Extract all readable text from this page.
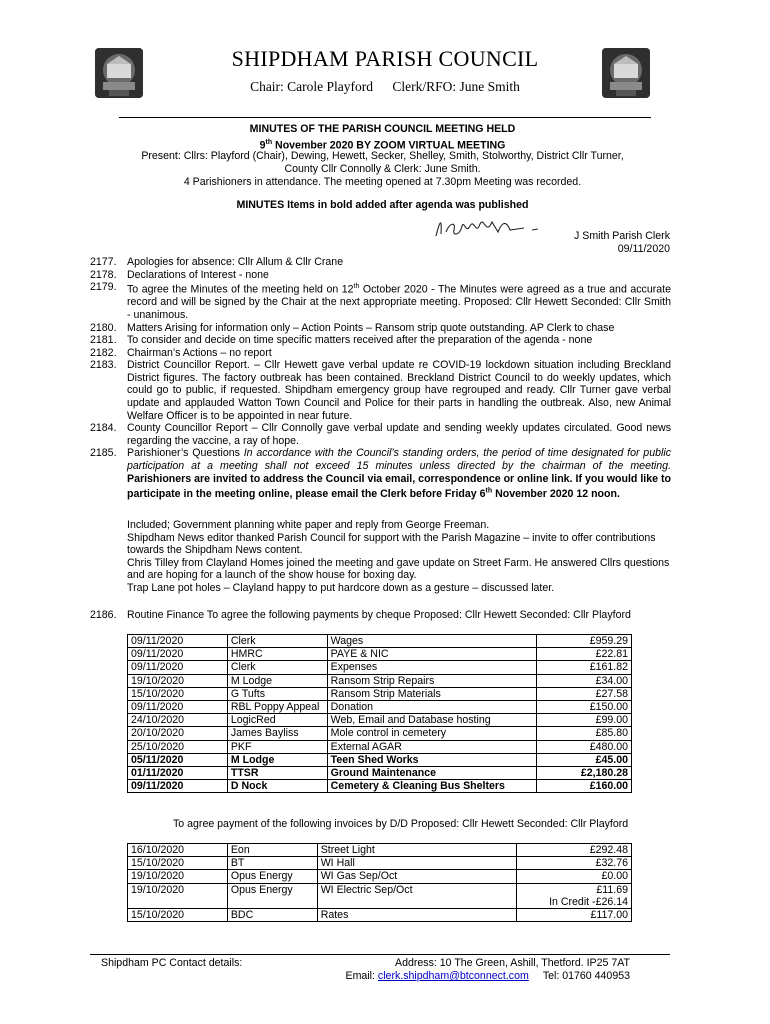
SHIPDHAM PARISH COUNCIL
Chair: Carole Playford Clerk/RFO: June Smith
MINUTES OF THE PARISH COUNCIL MEETING HELD
9th November 2020 BY ZOOM VIRTUAL MEETING
Present: Cllrs: Playford (Chair), Dewing, Hewett, Secker, Shelley, Smith, Stolworthy, District Cllr Turner,
County Cllr Connolly & Clerk: June Smith.
4 Parishioners in attendance. The meeting opened at 7.30pm Meeting was recorded.
MINUTES Items in bold added after agenda was published
J Smith Parish Clerk
09/11/2020
2177. Apologies for absence: Cllr Allum & Cllr Crane
2178. Declarations of Interest - none
2179. To agree the Minutes of the meeting held on 12th October 2020 - The Minutes were agreed as a true and accurate record and will be signed by the Chair at the next appropriate meeting. Proposed: Cllr Hewett Seconded: Cllr Smith - unanimous.
2180. Matters Arising for information only – Action Points – Ransom strip quote outstanding. AP Clerk to chase
2181. To consider and decide on time specific matters received after the preparation of the agenda - none
2182. Chairman’s Actions – no report
2183. District Councillor Report. – Cllr Hewett gave verbal update re COVID-19 lockdown situation including Breckland District figures. The factory outbreak has been contained. Breckland District Council to do weekly updates, which could go to public, if requested. Shipdham emergency group have regrouped and ready. Cllr Turner gave verbal update and applauded Watton Town Council and Police for their parts in handling the outbreak. Also, new Animal Welfare Officer is to be appointed in near future.
2184. County Councillor Report – Cllr Connolly gave verbal update and sending weekly updates circulated. Good news regarding the vaccine, a ray of hope.
2185. Parishioner’s Questions In accordance with the Council’s standing orders, the period of time designated for public participation at a meeting shall not exceed 15 minutes unless directed by the chairman of the meeting. Parishioners are invited to address the Council via email, correspondence or online link. If you would like to participate in the meeting online, please email the Clerk before Friday 6th November 2020 12 noon.
Included; Government planning white paper and reply from George Freeman.
Shipdham News editor thanked Parish Council for support with the Parish Magazine – invite to offer contributions towards the Shipdham News content.
Chris Tilley from Clayland Homes joined the meeting and gave update on Street Farm. He answered Cllrs questions and are hoping for a launch of the show house for boxing day.
Trap Lane pot holes – Clayland happy to put hardcore down as a gesture – discussed later.
2186. Routine Finance To agree the following payments by cheque Proposed: Cllr Hewett Seconded: Cllr Playford
09/11/2020	Clerk	Wages	£959.29
09/11/2020	HMRC	PAYE & NIC	£22.81
09/11/2020	Clerk	Expenses	£161.82
19/10/2020	M Lodge	Ransom Strip Repairs	£34.00
15/10/2020	G Tufts	Ransom Strip Materials	£27.58
09/11/2020	RBL Poppy Appeal	Donation	£150.00
24/10/2020	LogicRed	Web, Email and Database hosting	£99.00
20/10/2020	James Bayliss	Mole control in cemetery	£85.80
25/10/2020	PKF	External AGAR	£480.00
05/11/2020	M Lodge	Teen Shed Works	£45.00
01/11/2020	TTSR	Ground Maintenance	£2,180.28
09/11/2020	D Nock	Cemetery & Cleaning Bus Shelters	£160.00
To agree payment of the following invoices by D/D Proposed: Cllr Hewett Seconded: Cllr Playford
16/10/2020	Eon	Street Light	£292.48
15/10/2020	BT	WI Hall	£32.76
19/10/2020	Opus Energy	WI Gas Sep/Oct	£0.00
19/10/2020	Opus Energy	WI Electric Sep/Oct	£11.69
In Credit -£26.14

15/10/2020	BDC	Rates	£117.00
Shipdham PC Contact details:	Address: 10 The Green, Ashill, Thetford. IP25 7AT
Email: clerk.shipdham@btconnect.com Tel: 01760 440953
